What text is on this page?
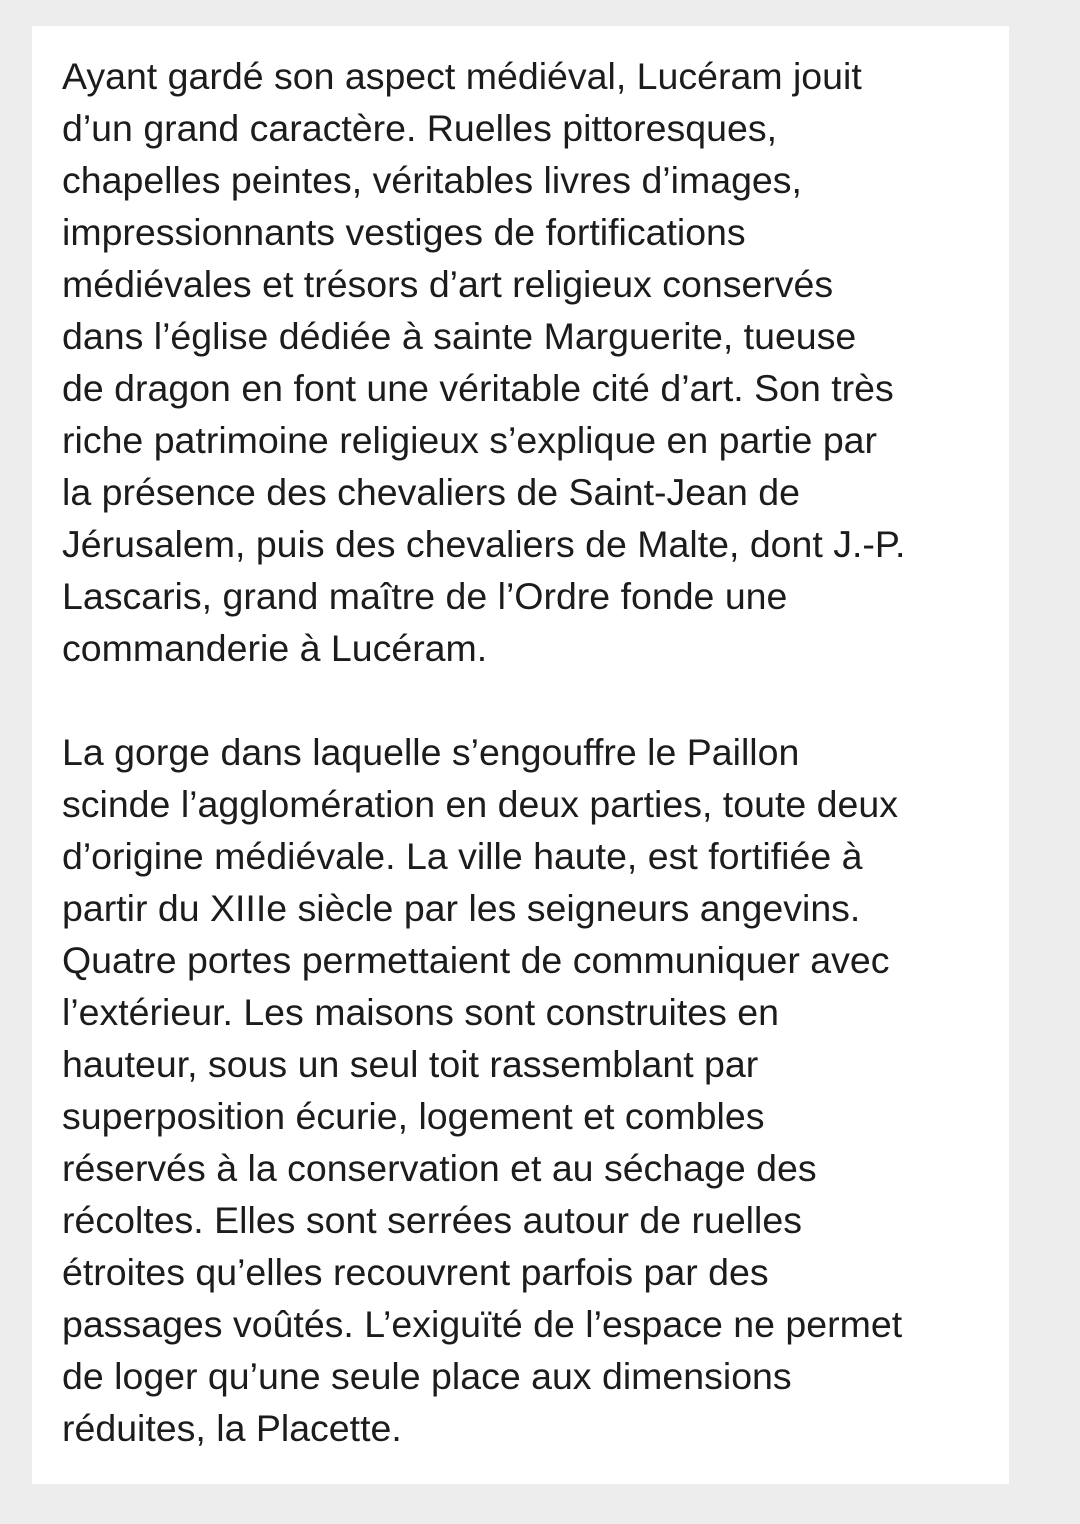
Ayant gardé son aspect médiéval, Lucéram jouit
d’un grand caractère. Ruelles pittoresques,
chapelles peintes, véritables livres d’images,
impressionnants vestiges de fortifications
médiévales et trésors d’art religieux conservés
dans l’église dédiée à sainte Marguerite, tueuse
de dragon en font une véritable cité d’art. Son très
riche patrimoine religieux s’explique en partie par
la présence des chevaliers de Saint-Jean de
Jérusalem, puis des chevaliers de Malte, dont J.-P.
Lascaris, grand maître de l’Ordre fonde une
commanderie à Lucéram.

La gorge dans laquelle s’engouffre le Paillon
scinde l’agglomération en deux parties, toute deux
d’origine médiévale. La ville haute, est fortifiée à
partir du XIIIe siècle par les seigneurs angevins.
Quatre portes permettaient de communiquer avec
l’extérieur. Les maisons sont construites en
hauteur, sous un seul toit rassemblant par
superposition écurie, logement et combles
réservés à la conservation et au séchage des
récoltes. Elles sont serrées autour de ruelles
étroites qu’elles recouvrent parfois par des
passages voûtés. L’exiguïté de l’espace ne permet
de loger qu’une seule place aux dimensions
réduites, la Placette.
